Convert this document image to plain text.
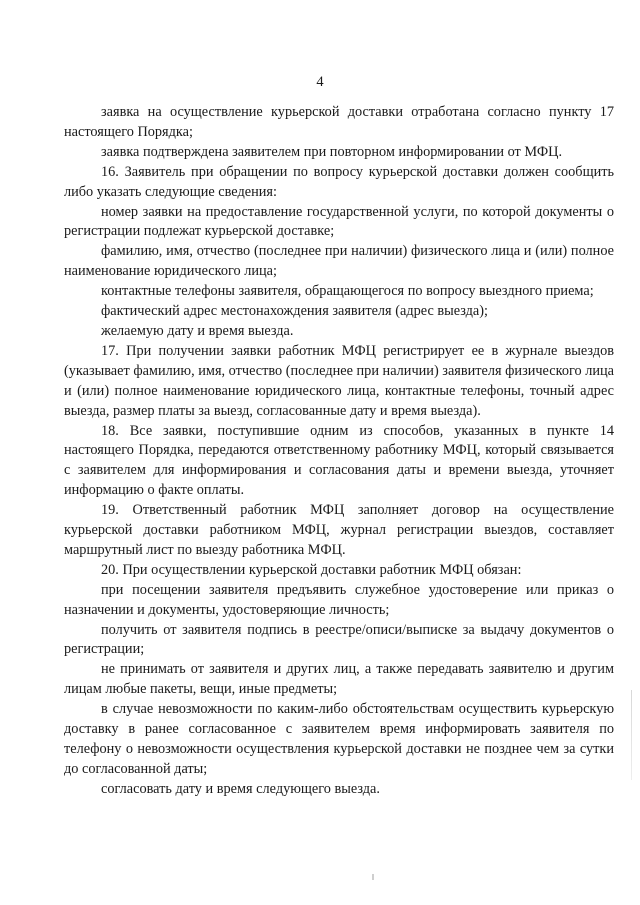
4

заявка на осуществление курьерской доставки отработана согласно пункту 17 настоящего Порядка;

заявка подтверждена заявителем при повторном информировании от МФЦ.

16. Заявитель при обращении по вопросу курьерской доставки должен сообщить либо указать следующие сведения:

номер заявки на предоставление государственной услуги, по которой документы о регистрации подлежат курьерской доставке;

фамилию, имя, отчество (последнее при наличии) физического лица и (или) полное наименование юридического лица;

контактные телефоны заявителя, обращающегося по вопросу выездного приема;

фактический адрес местонахождения заявителя (адрес выезда);

желаемую дату и время выезда.

17. При получении заявки работник МФЦ регистрирует ее в журнале выездов (указывает фамилию, имя, отчество (последнее при наличии) заявителя физического лица и (или) полное наименование юридического лица, контактные телефоны, точный адрес выезда, размер платы за выезд, согласованные дату и время выезда).

18. Все заявки, поступившие одним из способов, указанных в пункте 14 настоящего Порядка, передаются ответственному работнику МФЦ, который связывается с заявителем для информирования и согласования даты и времени выезда, уточняет информацию о факте оплаты.

19. Ответственный работник МФЦ заполняет договор на осуществление курьерской доставки работником МФЦ, журнал регистрации выездов, составляет маршрутный лист по выезду работника МФЦ.

20. При осуществлении курьерской доставки работник МФЦ обязан:

при посещении заявителя предъявить служебное удостоверение или приказ о назначении и документы, удостоверяющие личность;

получить от заявителя подпись в реестре/описи/выписке за выдачу документов о регистрации;

не принимать от заявителя и других лиц, а также передавать заявителю и другим лицам любые пакеты, вещи, иные предметы;

в случае невозможности по каким-либо обстоятельствам осуществить курьерскую доставку в ранее согласованное с заявителем время информировать заявителя по телефону о невозможности осуществления курьерской доставки не позднее чем за сутки до согласованной даты;

согласовать дату и время следующего выезда.
